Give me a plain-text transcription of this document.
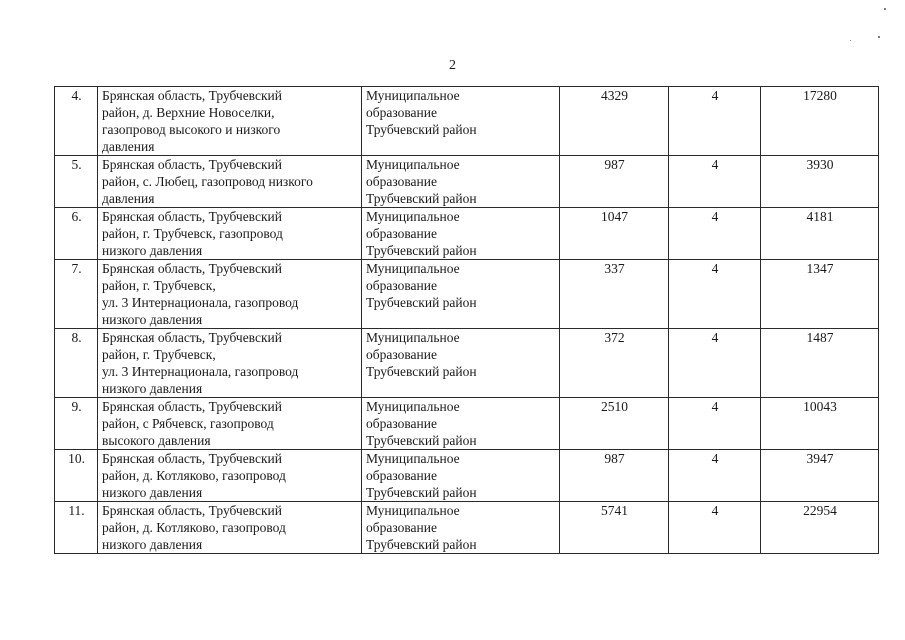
2
4.	Брянская область, Трубчевский
район, д. Верхние Новоселки,
газопровод высокого и низкого
давления	Муниципальное
образование
Трубчевский район	4329	4	17280
5.	Брянская область, Трубчевский
район, с. Любец, газопровод низкого
давления	Муниципальное
образование
Трубчевский район	987	4	3930
6.	Брянская область, Трубчевский
район, г. Трубчевск, газопровод
низкого давления	Муниципальное
образование
Трубчевский район	1047	4	4181
7.	Брянская область, Трубчевский
район, г. Трубчевск,
ул. 3 Интернационала, газопровод
низкого давления	Муниципальное
образование
Трубчевский район	337	4	1347
8.	Брянская область, Трубчевский
район, г. Трубчевск,
ул. 3 Интернационала, газопровод
низкого давления	Муниципальное
образование
Трубчевский район	372	4	1487
9.	Брянская область, Трубчевский
район, с Рябчевск, газопровод
высокого давления	Муниципальное
образование
Трубчевский район	2510	4	10043
10.	Брянская область, Трубчевский
район, д. Котляково, газопровод
низкого давления	Муниципальное
образование
Трубчевский район	987	4	3947
11.	Брянская область, Трубчевский
район, д. Котляково, газопровод
низкого давления	Муниципальное
образование
Трубчевский район	5741	4	22954
